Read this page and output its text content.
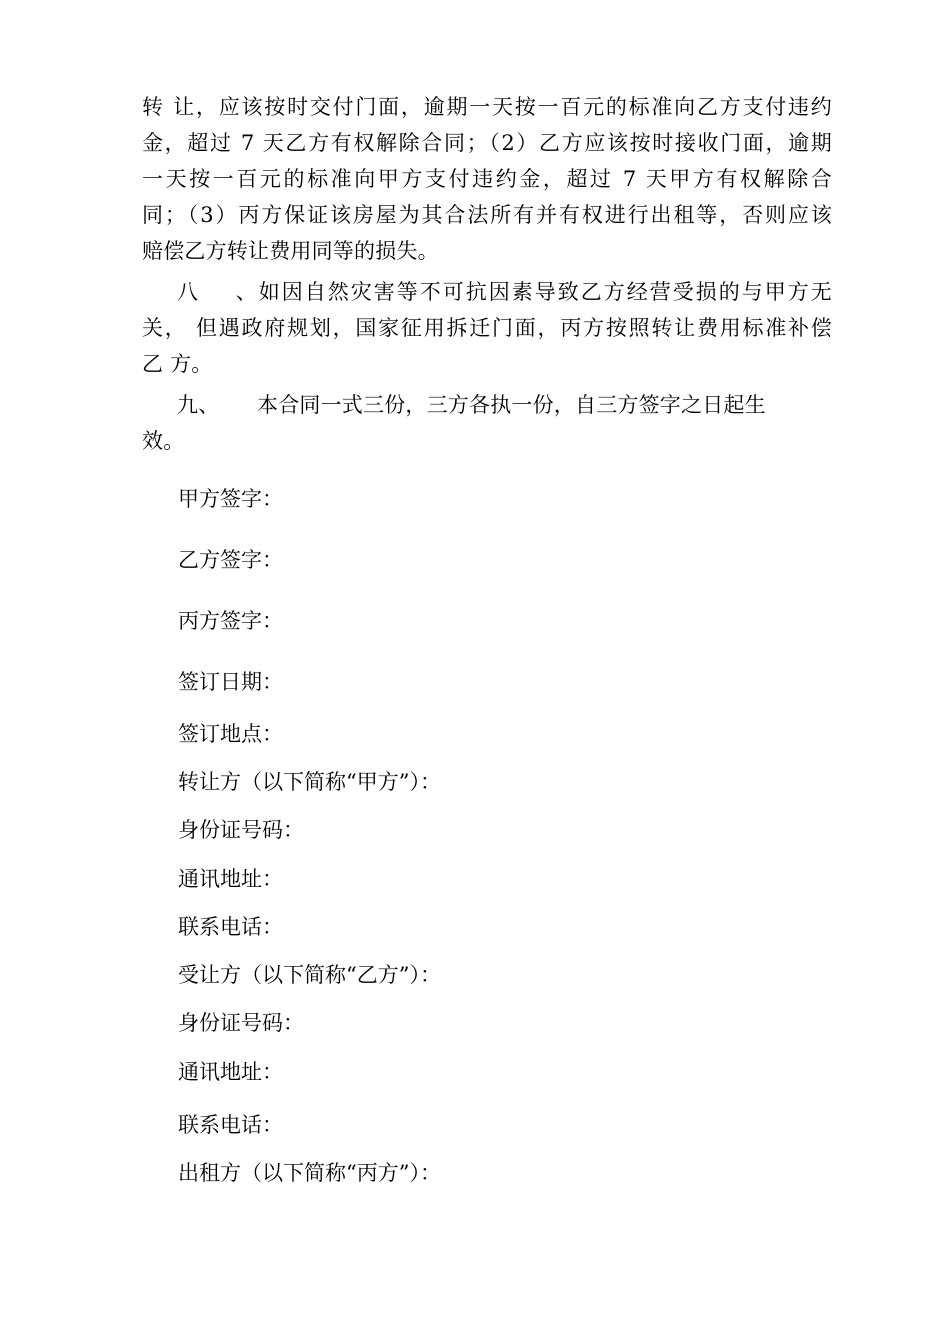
转 让，应该按时交付门面，逾期一天按一百元的标准向乙方支付违约
金，超过 7 天乙方有权解除合同；（2）乙方应该按时接收门面，逾期
一天按一百元的标准向甲方支付违约金，超过 7 天甲方有权解除合
同；（3）丙方保证该房屋为其合法所有并有权进行出租等，否则应该
赔偿乙方转让费用同等的损失。
八、如因自然灾害等不可抗因素导致乙方经营受损的与甲方无
关， 但遇政府规划，国家征用拆迁门面，丙方按照转让费用标准补偿
乙 方。
九、 本合同一式三份，三方各执一份，自三方签字之日起生
效。

甲方签字：

乙方签字：

丙方签字：

签订日期：

签订地点：

转让方（以下简称“甲方”）：

身份证号码：

通讯地址：

联系电话：

受让方（以下简称“乙方”）：

身份证号码：

通讯地址：

联系电话：

出租方（以下简称“丙方”）：
